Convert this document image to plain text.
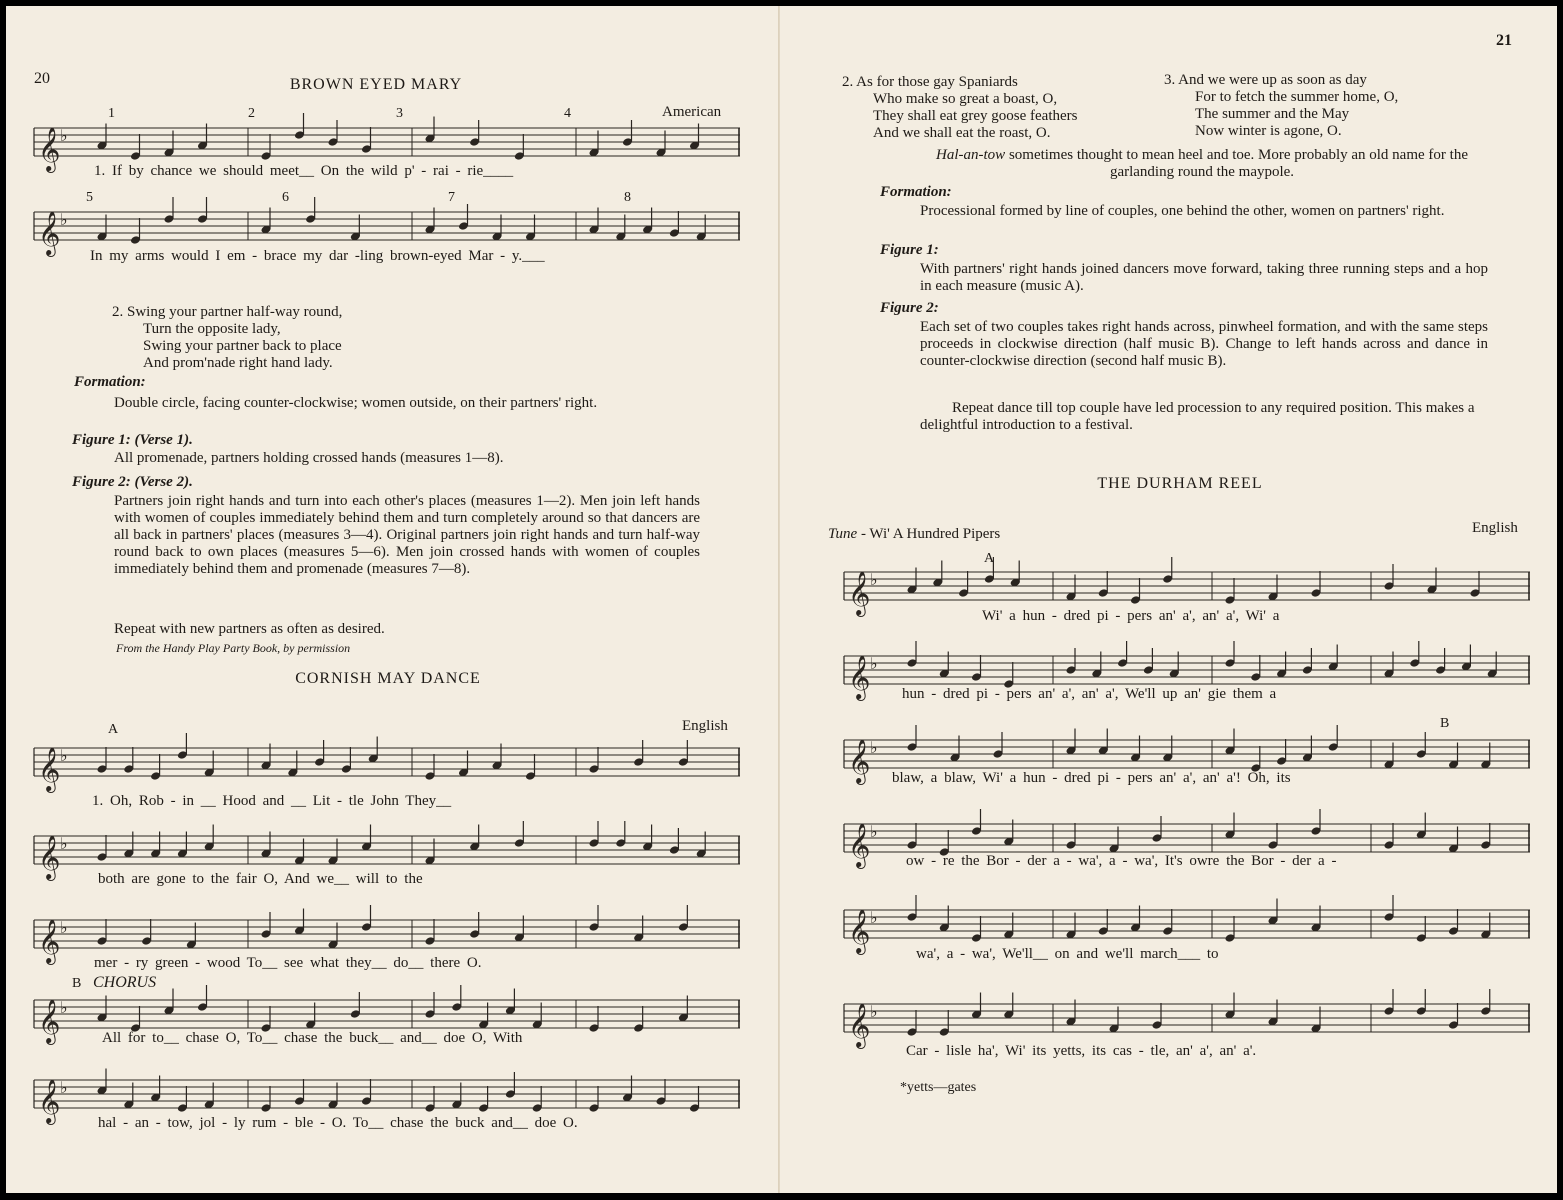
20	BROWN EYED MARY
American
1	2	3	4
𝄞 ♭
1. If by chance we should meet__ On the wild p' - rai - rie____
5	6	7	8
𝄞 ♭
In my arms would I em - brace my dar -ling brown-eyed Mar - y.___
2. Swing your partner half-way round,
Turn the opposite lady,
Swing your partner back to place
And prom'nade right hand lady.
Formation:
Double circle, facing counter-clockwise; women outside, on their partners' right.
Figure 1: (Verse 1).
All promenade, partners holding crossed hands (measures 1—8).
Figure 2: (Verse 2).
Partners join right hands and turn into each other's places (measures 1—2). Men join left hands with women of couples immediately behind them and turn completely around so that dancers are all back in partners' places (measures 3—4). Original partners join right hands and turn half-way round back to own places (measures 5—6). Men join crossed hands with women of couples immediately behind them and promenade (measures 7—8).
Repeat with new partners as often as desired.
From the Handy Play Party Book, by permission
CORNISH MAY DANCE
English
A
𝄞 ♭
1. Oh, Rob - in __ Hood and __ Lit - tle John They__
𝄞 ♭
both are gone to the fair O, And we__ will to the
𝄞 ♭
mer - ry green - wood To__ see what they__ do__ there O.
B CHORUS
𝄞 ♭
All for to__ chase O, To__ chase the buck__ and__ doe O, With
𝄞 ♭
hal - an - tow, jol - ly rum - ble - O. To__ chase the buck and__ doe O.
21
2. As for those gay Spaniards
Who make so great a boast, O,
They shall eat grey goose feathers
And we shall eat the roast, O.
3. And we were up as soon as day
For to fetch the summer home, O,
The summer and the May
Now winter is agone, O.
Hal-an-tow sometimes thought to mean heel and toe. More probably an old name for the garlanding round the maypole.
Formation:
Processional formed by line of couples, one behind the other, women on partners' right.
Figure 1:
With partners' right hands joined dancers move forward, taking three running steps and a hop in each measure (music A).
Figure 2:
Each set of two couples takes right hands across, pinwheel formation, and with the same steps proceeds in clockwise direction (half music B). Change to left hands across and dance in counter-clockwise direction (second half music B).
Repeat dance till top couple have led procession to any required position. This makes a delightful introduction to a festival.
THE DURHAM REEL
Tune - Wi' A Hundred Pipers	English
A
𝄞 ♭
Wi' a hun - dred pi - pers an' a', an' a', Wi' a
𝄞 ♭
hun - dred pi - pers an' a', an' a', We'll up an' gie them a
B
𝄞 ♭
blaw, a blaw, Wi' a hun - dred pi - pers an' a', an' a'! Oh, its
𝄞 ♭
ow - re the Bor - der a - wa', a - wa', It's owre the Bor - der a -
𝄞 ♭
wa', a - wa', We'll__ on and we'll march___ to
𝄞 ♭
Car - lisle ha', Wi' its yetts, its cas - tle, an' a', an' a'.
*yetts—gates
